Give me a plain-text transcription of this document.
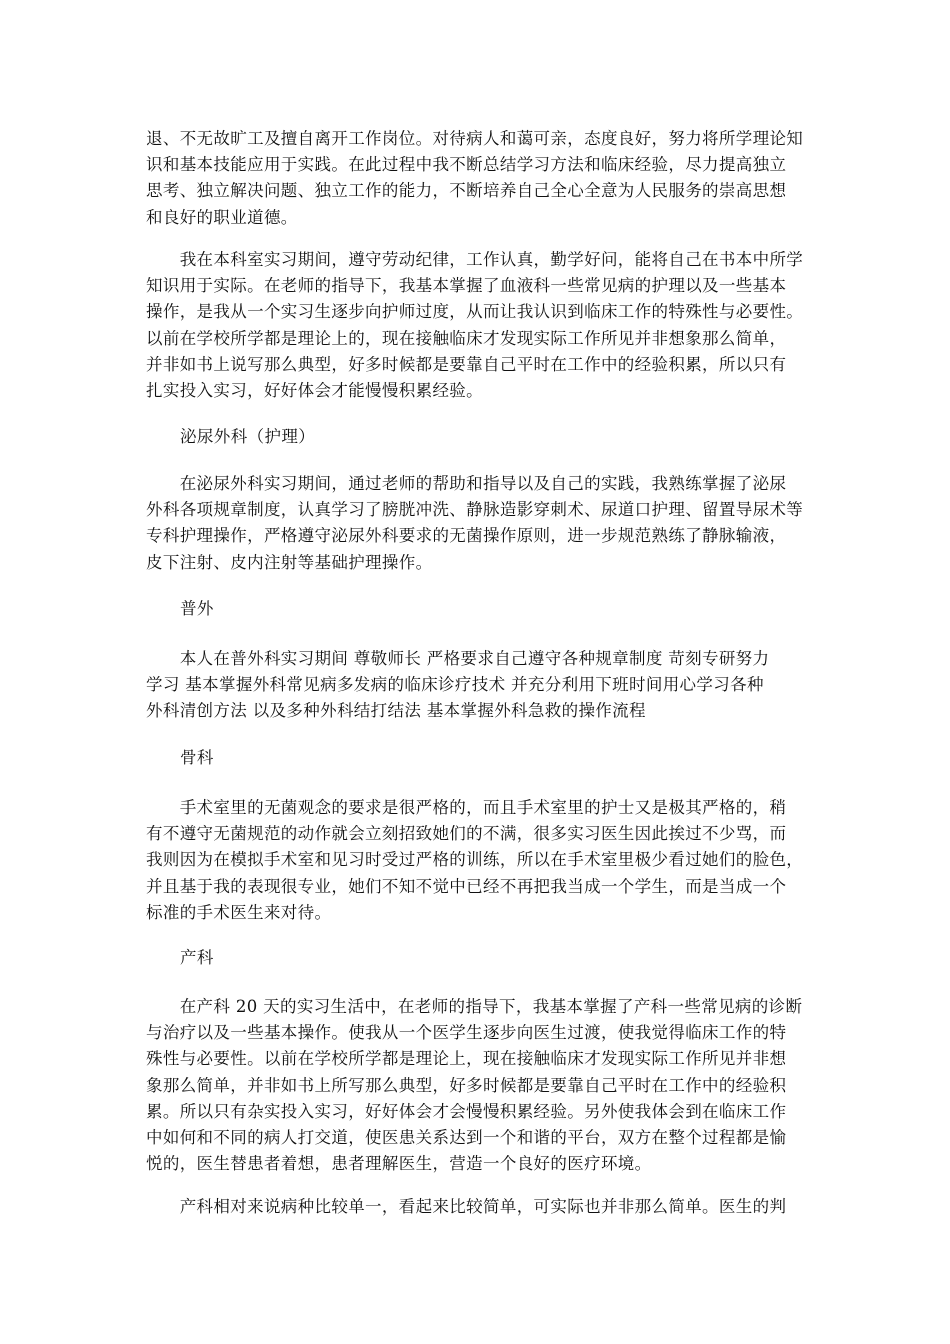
退、不无故旷工及擅自离开工作岗位。对待病人和蔼可亲，态度良好，努力将所学理论知
识和基本技能应用于实践。在此过程中我不断总结学习方法和临床经验，尽力提高独立
思考、独立解决问题、独立工作的能力，不断培养自己全心全意为人民服务的崇高思想
和良好的职业道德。
　　我在本科室实习期间，遵守劳动纪律，工作认真，勤学好问，能将自己在书本中所学
知识用于实际。在老师的指导下，我基本掌握了血液科一些常见病的护理以及一些基本
操作，是我从一个实习生逐步向护师过度，从而让我认识到临床工作的特殊性与必要性。
以前在学校所学都是理论上的，现在接触临床才发现实际工作所见并非想象那么简单，
并非如书上说写那么典型，好多时候都是要靠自己平时在工作中的经验积累，所以只有
扎实投入实习，好好体会才能慢慢积累经验。

泌尿外科（护理）

　　在泌尿外科实习期间，通过老师的帮助和指导以及自己的实践，我熟练掌握了泌尿
外科各项规章制度，认真学习了膀胱冲洗、静脉造影穿刺术、尿道口护理、留置导尿术等
专科护理操作，严格遵守泌尿外科要求的无菌操作原则，进一步规范熟练了静脉输液，
皮下注射、皮内注射等基础护理操作。

普外

　　本人在普外科实习期间 尊敬师长 严格要求自己遵守各种规章制度 苛刻专研努力
学习 基本掌握外科常见病多发病的临床诊疗技术 并充分利用下班时间用心学习各种
外科清创方法 以及多种外科结打结法 基本掌握外科急救的操作流程

骨科

　　手术室里的无菌观念的要求是很严格的，而且手术室里的护士又是极其严格的，稍
有不遵守无菌规范的动作就会立刻招致她们的不满，很多实习医生因此挨过不少骂，而
我则因为在模拟手术室和见习时受过严格的训练，所以在手术室里极少看过她们的脸色，
并且基于我的表现很专业，她们不知不觉中已经不再把我当成一个学生，而是当成一个
标准的手术医生来对待。

产科

　　在产科 20 天的实习生活中，在老师的指导下，我基本掌握了产科一些常见病的诊断
与治疗以及一些基本操作。使我从一个医学生逐步向医生过渡，使我觉得临床工作的特
殊性与必要性。以前在学校所学都是理论上，现在接触临床才发现实际工作所见并非想
象那么简单，并非如书上所写那么典型，好多时候都是要靠自己平时在工作中的经验积
累。所以只有杂实投入实习，好好体会才会慢慢积累经验。另外使我体会到在临床工作
中如何和不同的病人打交道，使医患关系达到一个和谐的平台，双方在整个过程都是愉
悦的，医生替患者着想，患者理解医生，营造一个良好的医疗环境。
　　产科相对来说病种比较单一，看起来比较简单，可实际也并非那么简单。医生的判
